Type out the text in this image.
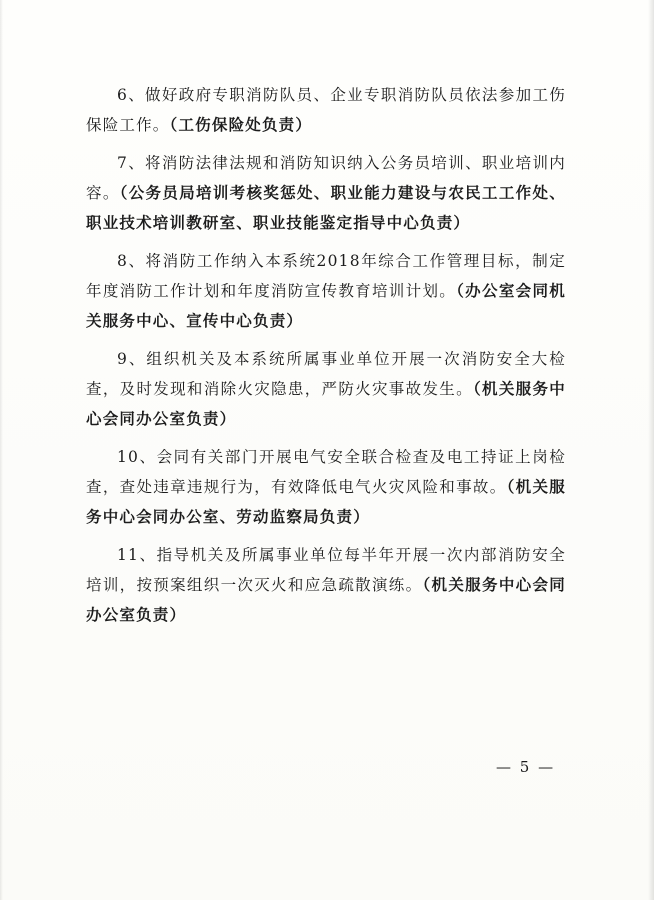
6、做好政府专职消防队员、企业专职消防队员依法参加工伤保险工作。（工伤保险处负责）

7、将消防法律法规和消防知识纳入公务员培训、职业培训内容。（公务员局培训考核奖惩处、职业能力建设与农民工工作处、职业技术培训教研室、职业技能鉴定指导中心负责）

8、将消防工作纳入本系统2018年综合工作管理目标，制定年度消防工作计划和年度消防宣传教育培训计划。（办公室会同机关服务中心、宣传中心负责）

9、组织机关及本系统所属事业单位开展一次消防安全大检查，及时发现和消除火灾隐患，严防火灾事故发生。（机关服务中心会同办公室负责）

10、会同有关部门开展电气安全联合检查及电工持证上岗检查，查处违章违规行为，有效降低电气火灾风险和事故。（机关服务中心会同办公室、劳动监察局负责）

11、指导机关及所属事业单位每半年开展一次内部消防安全培训，按预案组织一次灭火和应急疏散演练。（机关服务中心会同办公室负责）

— 5 —
